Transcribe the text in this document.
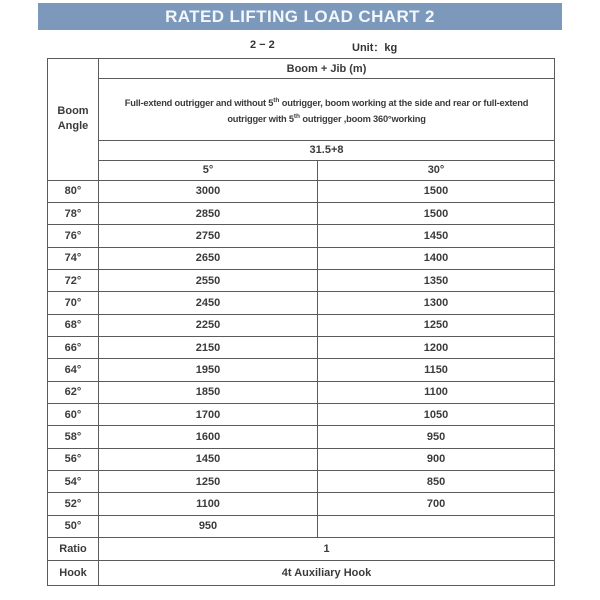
RATED LIFTING LOAD CHART 2
2 − 2	Unit：kg
Boom
Angle	Boom + Jib (m)	

	Full-extend outrigger and without 5th outrigger, boom working at the side and rear or full-extend
outrigger with 5th outrigger ,boom 360°working	

	31.5+8	
	5°	30°
80°	3000	1500
78°	2850	1500
76°	2750	1450
74°	2650	1400
72°	2550	1350
70°	2450	1300
68°	2250	1250
66°	2150	1200
64°	1950	1150
62°	1850	1100
60°	1700	1050
58°	1600	950
56°	1450	900
54°	1250	850
52°	1100	700
50°	950	
Ratio	1	
Hook	4t Auxiliary Hook	
